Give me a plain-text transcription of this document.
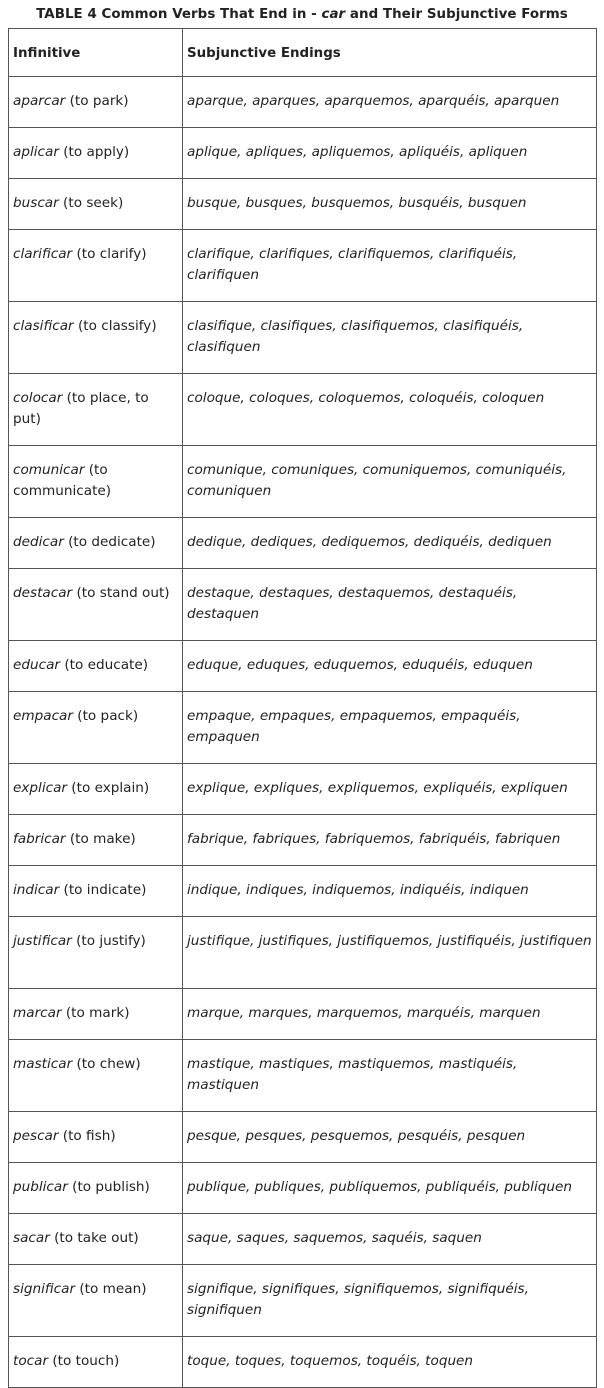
TABLE 4 Common Verbs That End in - car and Their Subjunctive Forms
Infinitive	Subjunctive Endings
aparcar (to park)	aparque, aparques, aparquemos, aparquéis, aparquen
aplicar (to apply)	aplique, apliques, apliquemos, apliquéis, apliquen
buscar (to seek)	busque, busques, busquemos, busquéis, busquen
clarificar (to clarify)	clarifique, clarifiques, clarifiquemos, clarifiquéis, clarifiquen
clasificar (to classify)	clasifique, clasifiques, clasifiquemos, clasifiquéis, clasifiquen
colocar (to place, to put)	coloque, coloques, coloquemos, coloquéis, coloquen
comunicar (to communicate)	comunique, comuniques, comuniquemos, comuniquéis, comuniquen
dedicar (to dedicate)	dedique, dediques, dediquemos, dediquéis, dediquen
destacar (to stand out)	destaque, destaques, destaquemos, destaquéis, destaquen
educar (to educate)	eduque, eduques, eduquemos, eduquéis, eduquen
empacar (to pack)	empaque, empaques, empaquemos, empaquéis, empaquen
explicar (to explain)	explique, expliques, expliquemos, expliquéis, expliquen
fabricar (to make)	fabrique, fabriques, fabriquemos, fabriquéis, fabriquen
indicar (to indicate)	indique, indiques, indiquemos, indiquéis, indiquen
justificar (to justify)	justifique, justifiques, justifiquemos, justifiquéis, justifiquen
marcar (to mark)	marque, marques, marquemos, marquéis, marquen
masticar (to chew)	mastique, mastiques, mastiquemos, mastiquéis, mastiquen
pescar (to fish)	pesque, pesques, pesquemos, pesquéis, pesquen
publicar (to publish)	publique, publiques, publiquemos, publiquéis, publiquen
sacar (to take out)	saque, saques, saquemos, saquéis, saquen
significar (to mean)	signifique, signifiques, signifiquemos, signifiquéis, signifiquen
tocar (to touch)	toque, toques, toquemos, toquéis, toquen
